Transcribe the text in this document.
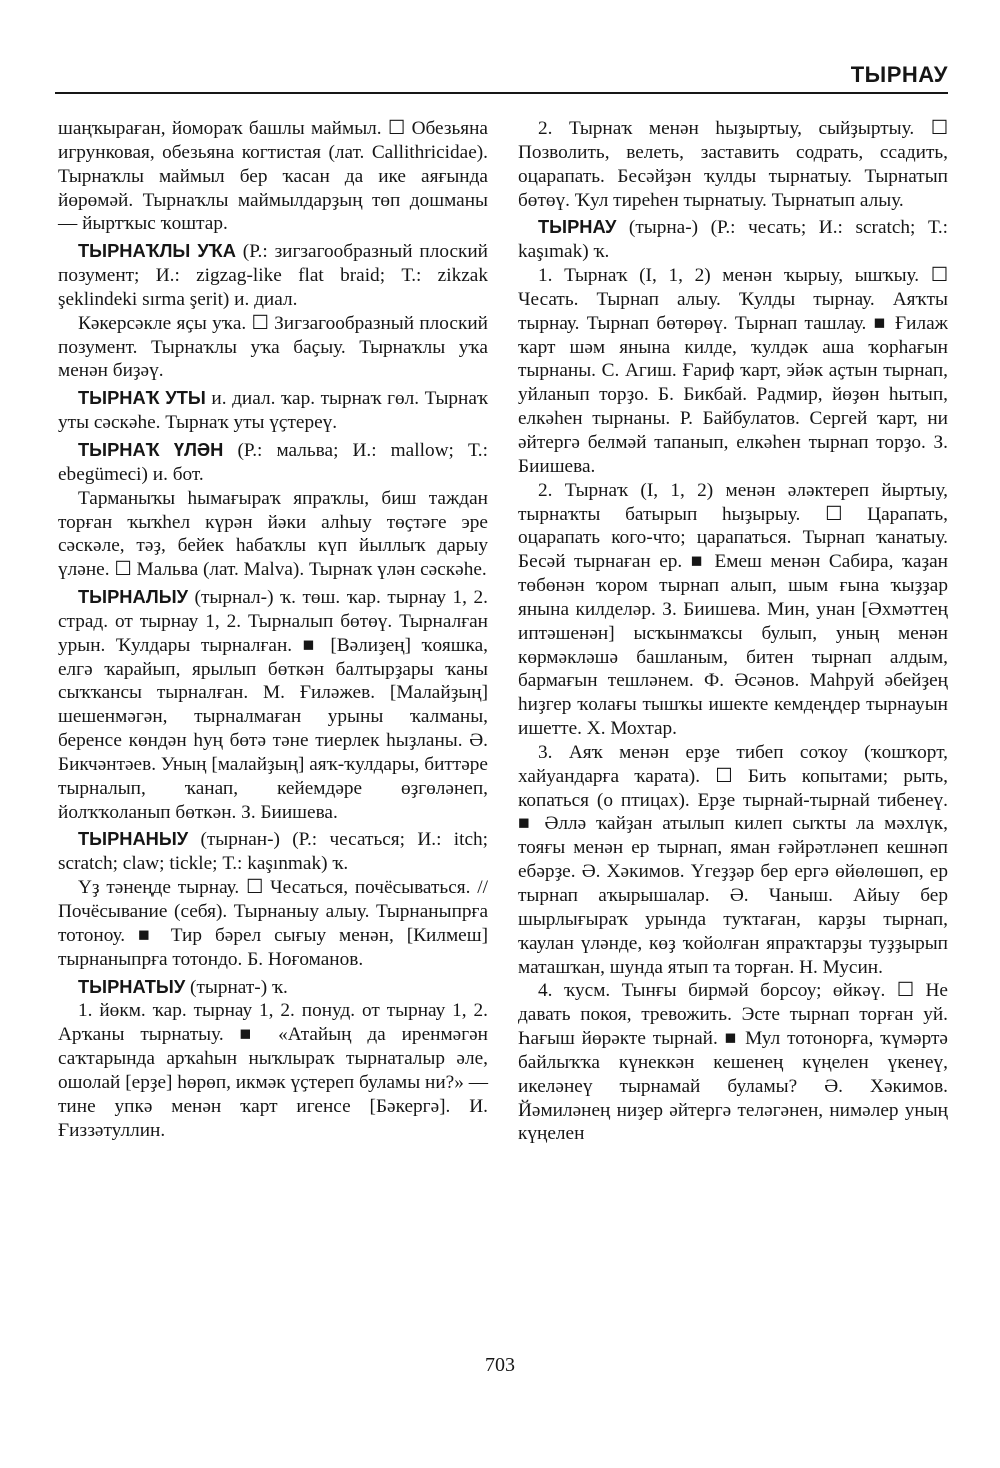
ТЫРНАУ

шаңҡыраған, йомораҡ башлы маймыл. ☐ Обезьяна игрунковая, обезьяна когтистая (лат. Callithricidae). Тырнаҡлы маймыл бер ҡасан да ике аяғында йөрөмәй. Тырнаҡлы маймылдарҙың төп дошманы — йыртҡыс ҡоштар.

ТЫРНАҠЛЫ УҠА (Р.: зигзагообразный плоский позумент; И.: zigzag-like flat braid; Т.: zikzak şeklindeki sırma şerit) и. диал.

Кәкерсәкле яҫы уҡа. ☐ Зигзагообразный плоский позумент. Тырнаҡлы уҡа баҫыу. Тырнаҡлы уҡа менән биҙәү.

ТЫРНАҠ УТЫ и. диал. ҡар. тырнаҡ гөл. Тырнаҡ уты сәскәһе. Тырнаҡ уты үҫтереү.

ТЫРНАҠ ҮЛӘН (Р.: мальва; И.: mallow; Т.: ebegümeci) и. бот.

Тарманыҡы һымағыраҡ япраҡлы, биш таждан торған ҡыҡһел күрән йәки алһыу төҫтәге эре сәскәле, тәҙ, бейек һабаҡлы күп йыллыҡ дарыу үләне. ☐ Мальва (лат. Malva). Тырнаҡ үлән сәскәһе.

ТЫРНАЛЫУ (тырнал-) ҡ. төш. ҡар. тырнау 1, 2. страд. от тырнау 1, 2. Тырналып бөтөү. Тырналған урын. Ҡулдары тырналған. ■ [Вәлиҙең] ҡояшка, елгә ҡарайып, ярылып бөткән балтырҙары ҡаны сыҡҡансы тырналған. М. Ғиләжев. [Малайҙың] шешенмәгән, тырналмаған урыны ҡалманы, беренсе көндән һуң бөтә тәне тиерлек һыҙланы. Ә. Бикчәнтәев. Уның [малайҙың] аяҡ-ҡулдары, биттәре тырналып, ҡанап, кейемдәре өҙгөләнеп, йолҡҡоланып бөткән. З. Биишева.

ТЫРНАНЫУ (тырнан-) (Р.: чесаться; И.: itch; scratch; claw; tickle; Т.: kaşınmak) ҡ.

Үҙ тәнеңде тырнау. ☐ Чесаться, почёсываться. // Почёсывание (себя). Тырнаныу алыу. Тырнаныпрға тотоноу. ■ Тир бәрел сығыу менән, [Килмеш] тырнаныпрға тотондо. Б. Ноғоманов.

ТЫРНАТЫУ (тырнат-) ҡ.

1. йөкм. ҡар. тырнау 1, 2. понуд. от тырнау 1, 2. Арҡаны тырнатыу. ■ «Атайың да иренмәгән саҡтарында арҡаһын ныҡлыраҡ тырнаталыр әле, ошолай [ерҙе] һөрөп, икмәк үҫтереп буламы ни?» — тине упкә менән ҡарт игенсе [Бәкергә]. И. Ғиззәтуллин.

2. Тырнаҡ менән һыҙыртыу, сыйҙыртыу. ☐ Позволить, велеть, заставить содрать, ссадить, оцарапать. Бесәйҙән ҡулды тырнатыу. Тырнатып бөтөү. Ҡул тиреһен тырнатыу. Тырнатып алыу.

ТЫРНАУ (тырна-) (Р.: чесать; И.: scratch; Т.: kaşımak) ҡ.

1. Тырнаҡ (I, 1, 2) менән ҡырыу, ышҡыу. ☐ Чесать. Тырнап алыу. Ҡулды тырнау. Аяҡты тырнау. Тырнап бөтөрөү. Тырнап ташлау. ■ Ғилаж ҡарт шәм янына килде, ҡулдәк аша ҡорһағын тырнаны. С. Агиш. Ғариф ҡарт, эйәк аҫтын тырнап, уйланып торҙо. Б. Бикбай. Радмир, йөҙөн һытып, елкәһен тырнаны. Р. Байбулатов. Сергей ҡарт, ни әйтергә белмәй тапанып, елкәһен тырнап торҙо. З. Биишева.

2. Тырнаҡ (I, 1, 2) менән әләктереп йыртыу, тырнаҡты батырып һыҙырыу. ☐ Царапать, оцарапать кого-что; царапаться. Тырнап ҡанатыу. Бесәй тырнаған ер. ■ Емеш менән Сабира, ҡаҙан төбөнән ҡором тырнап алып, шым ғына ҡыҙҙар янына килделәр. З. Биишева. Мин, унан [Әхмәттең иптәшенән] ысҡынмаҡсы булып, уның менән көрмәкләшә башланым, битен тырнап алдым, бармағын тешләнем. Ф. Әсәнов. Маһруй әбейҙең һиҙгер ҡолағы тышҡы ишекте кемдеңдер тырнауын ишетте. Х. Мохтар.

3. Аяҡ менән ерҙе тибеп соҡоу (ҡошҡорт, хайуандарға ҡарата). ☐ Бить копытами; рыть, копаться (о птицах). Ерҙе тырнай-тырнай тибенеү. ■ Әллә ҡайҙан атылып килеп сыҡты ла мәхлүк, тояғы менән ер тырнап, яман ғәйрәтләнеп кешнәп ебәрҙе. Ә. Хәкимов. Үгеҙҙәр бер ергә өйөлөшөп, ер тырнап аҡырышалар. Ә. Чаныш. Айыу бер шырлығыраҡ урында туҡтаған, карҙы тырнап, ҡаулан үләнде, көҙ ҡойолған япраҡтарҙы туҙҙырып маташҡан, шунда ятып та торған. Н. Мусин.

4. ҡусм. Тынғы бирмәй борсоу; өйкәү. ☐ Не давать покоя, тревожить. Эсте тырнап торған уй. Һағыш йөрәкте тырнай. ■ Мул тотонорға, ҡүмәртә байлыҡҡа күнеккән кешенең күңелен үкенеү, икеләнеү тырнамай буламы? Ә. Хәкимов. Йәмиләнең ниҙер әйтергә теләгәнен, нимәлер уның күңелен

703
